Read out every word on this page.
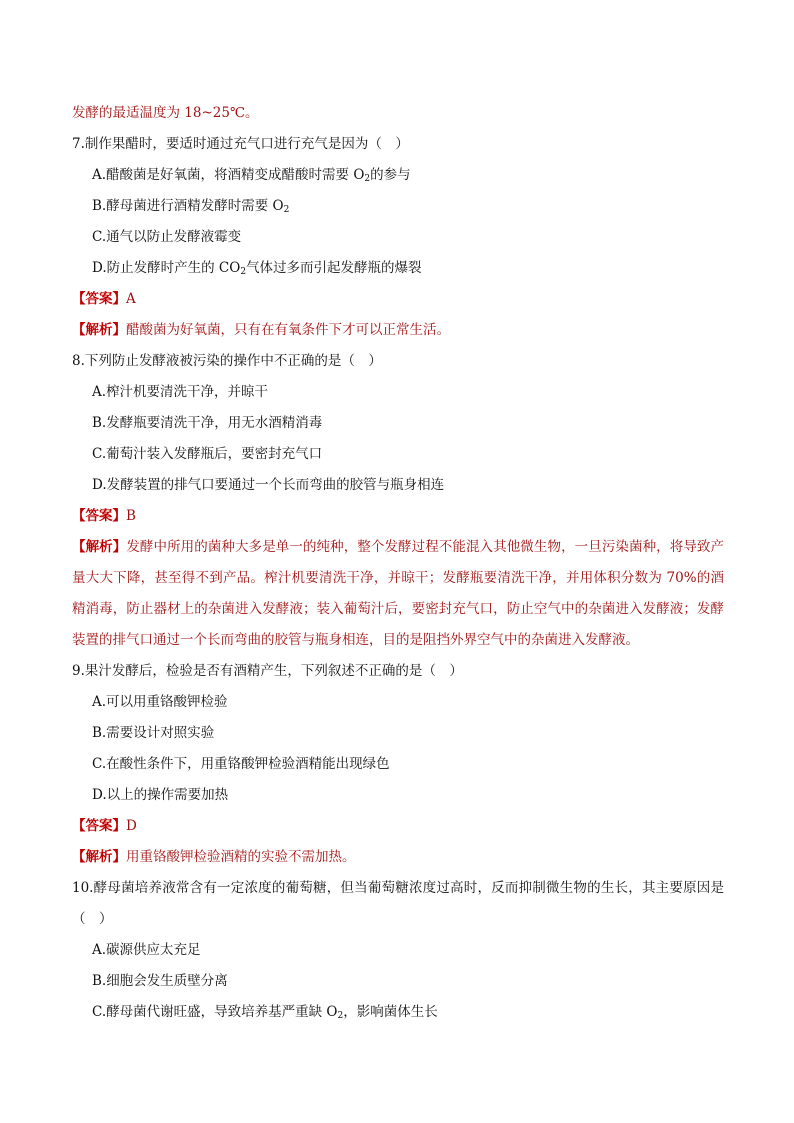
发酵的最适温度为 18~25℃。
7.制作果醋时，要适时通过充气口进行充气是因为（　）
A.醋酸菌是好氧菌，将酒精变成醋酸时需要 $O_2$的参与
B.酵母菌进行酒精发酵时需要 $O_2$
C.通气以防止发酵液霉变
D.防止发酵时产生的 $CO_2$气体过多而引起发酵瓶的爆裂
【答案】A
【解析】醋酸菌为好氧菌，只有在有氧条件下才可以正常生活。
8.下列防止发酵液被污染的操作中不正确的是（　）
A.榨汁机要清洗干净，并晾干
B.发酵瓶要清洗干净，用无水酒精消毒
C.葡萄汁装入发酵瓶后，要密封充气口
D.发酵装置的排气口要通过一个长而弯曲的胶管与瓶身相连
【答案】B
【解析】发酵中所用的菌种大多是单一的纯种，整个发酵过程不能混入其他微生物，一旦污染菌种，将导致产量大大下降，甚至得不到产品。榨汁机要清洗干净，并晾干；发酵瓶要清洗干净，并用体积分数为 70%的酒精消毒，防止器材上的杂菌进入发酵液；装入葡萄汁后，要密封充气口，防止空气中的杂菌进入发酵液；发酵装置的排气口通过一个长而弯曲的胶管与瓶身相连，目的是阻挡外界空气中的杂菌进入发酵液。
9.果汁发酵后，检验是否有酒精产生，下列叙述不正确的是（　）
A.可以用重铬酸钾检验
B.需要设计对照实验
C.在酸性条件下，用重铬酸钾检验酒精能出现绿色
D.以上的操作需要加热
【答案】D
【解析】用重铬酸钾检验酒精的实验不需加热。
10.酵母菌培养液常含有一定浓度的葡萄糖，但当葡萄糖浓度过高时，反而抑制微生物的生长，其主要原因是（　）
A.碳源供应太充足
B.细胞会发生质壁分离
C.酵母菌代谢旺盛，导致培养基严重缺 $O_2$，影响菌体生长
